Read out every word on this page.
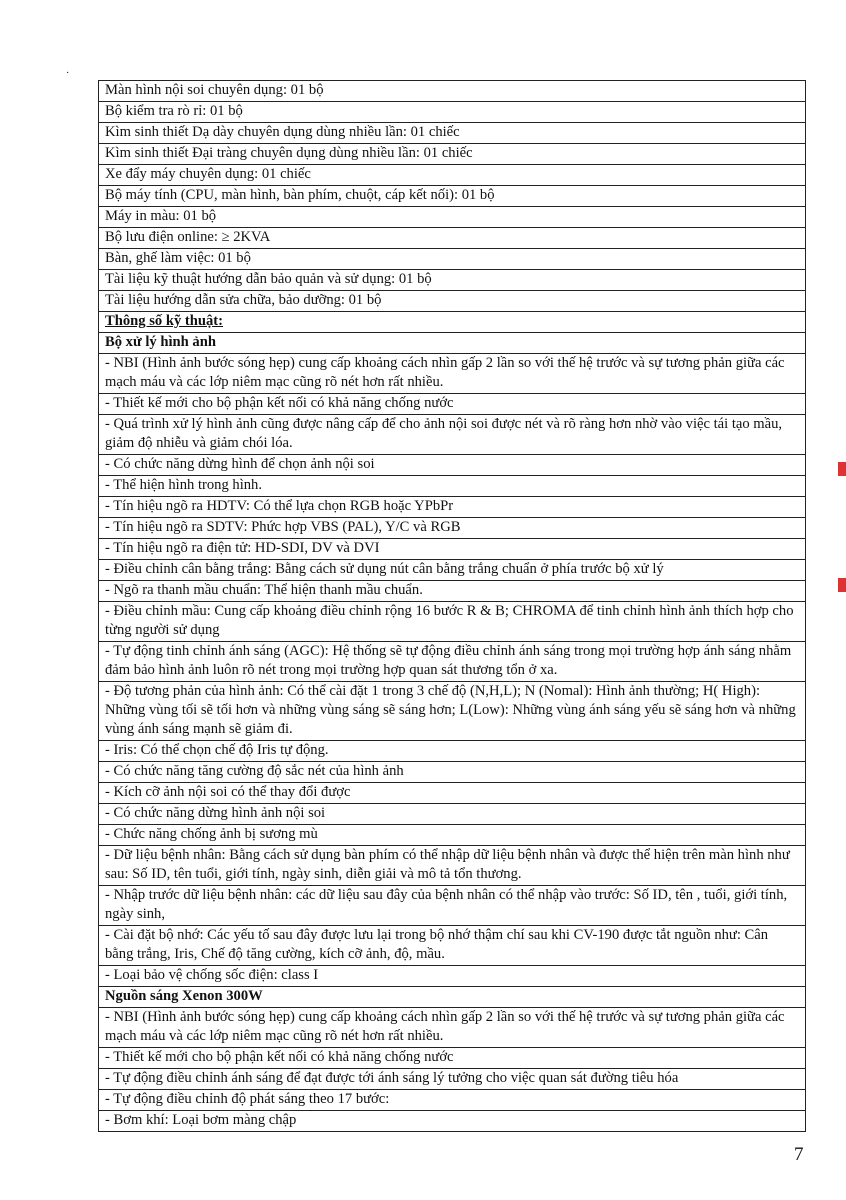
·
Màn hình nội soi chuyên dụng: 01 bộ
Bộ kiểm tra rò rỉ: 01 bộ
Kìm sinh thiết Dạ dày chuyên dụng dùng nhiều lần: 01 chiếc
Kìm sinh thiết Đại tràng chuyên dụng dùng nhiều lần: 01 chiếc
Xe đẩy máy chuyên dụng: 01 chiếc
Bộ máy tính (CPU, màn hình, bàn phím, chuột, cáp kết nối): 01 bộ
Máy in màu: 01 bộ
Bộ lưu điện online: ≥ 2KVA
Bàn, ghế làm việc: 01 bộ
Tài liệu kỹ thuật hướng dẫn bảo quản và sử dụng: 01 bộ
Tài liệu hướng dẫn sửa chữa, bảo dưỡng: 01 bộ
Thông số kỹ thuật:
Bộ xử lý hình ảnh
- NBI (Hình ảnh bước sóng hẹp) cung cấp khoảng cách nhìn gấp 2 lần so với thế hệ trước và sự tương phản giữa các mạch máu và các lớp niêm mạc cũng rõ nét hơn rất nhiều.
- Thiết kế mới cho bộ phận kết nối có khả năng chống nước
- Quá trình xử lý hình ảnh cũng được nâng cấp để cho ảnh nội soi được nét và rõ ràng hơn nhờ vào việc tái tạo mầu, giảm độ nhiễu và giảm chói lóa.
- Có chức năng dừng hình để chọn ảnh nội soi
- Thể hiện hình trong hình.
- Tín hiệu ngõ ra HDTV: Có thể lựa chọn RGB hoặc YPbPr
- Tín hiệu ngõ ra SDTV: Phức hợp VBS (PAL), Y/C và RGB
- Tín hiệu ngõ ra điện tử: HD-SDI, DV và DVI
- Điều chỉnh cân bằng trắng: Bằng cách sử dụng nút cân bằng trắng chuẩn ở phía trước bộ xử lý
- Ngõ ra thanh mầu chuẩn: Thể hiện thanh mầu chuẩn.
- Điều chỉnh mầu: Cung cấp khoảng điều chỉnh rộng 16 bước R & B; CHROMA để tinh chỉnh hình ảnh thích hợp cho từng người sử dụng
- Tự động tinh chỉnh ánh sáng (AGC): Hệ thống sẽ tự động điều chỉnh ánh sáng trong mọi trường hợp ánh sáng nhằm đảm bảo hình ảnh luôn rõ nét trong mọi trường hợp quan sát thương tổn ở xa.
- Độ tương phản của hình ảnh: Có thể cài đặt 1 trong 3 chế độ (N,H,L); N (Nomal): Hình ảnh thường; H( High): Những vùng tối sẽ tối hơn và những vùng sáng sẽ sáng hơn; L(Low): Những vùng ánh sáng yếu sẽ sáng hơn và những vùng ánh sáng mạnh sẽ giảm đi.
- Iris: Có thể chọn chế độ Iris tự động.
- Có chức năng tăng cường độ sắc nét của hình ảnh
- Kích cỡ ảnh nội soi có thể thay đổi được
- Có chức năng dừng hình ảnh nội soi
- Chức năng chống ảnh bị sương mù
- Dữ liệu bệnh nhân: Bằng cách sử dụng bàn phím có thể nhập dữ liệu bệnh nhân và được thể hiện trên màn hình như sau: Số ID, tên tuổi, giới tính, ngày sinh, diễn giải và mô tả tổn thương.
- Nhập trước dữ liệu bệnh nhân: các dữ liệu sau đây của bệnh nhân có thể nhập vào trước: Số ID, tên , tuổi, giới tính, ngày sinh,
- Cài đặt bộ nhớ: Các yếu tố sau đây được lưu lại trong bộ nhớ thậm chí sau khi CV-190 được tắt nguồn như: Cân bằng trắng, Iris, Chế độ tăng cường, kích cỡ ảnh, độ, mầu.
- Loại bảo vệ chống sốc điện: class I
Nguồn sáng Xenon 300W
- NBI (Hình ảnh bước sóng hẹp) cung cấp khoảng cách nhìn gấp 2 lần so với thế hệ trước và sự tương phản giữa các mạch máu và các lớp niêm mạc cũng rõ nét hơn rất nhiều.
- Thiết kế mới cho bộ phận kết nối có khả năng chống nước
- Tự động điều chỉnh ánh sáng để đạt được tới ánh sáng lý tưởng cho việc quan sát đường tiêu hóa
- Tự động điều chỉnh độ phát sáng theo 17 bước:
- Bơm khí: Loại bơm màng chập
7
